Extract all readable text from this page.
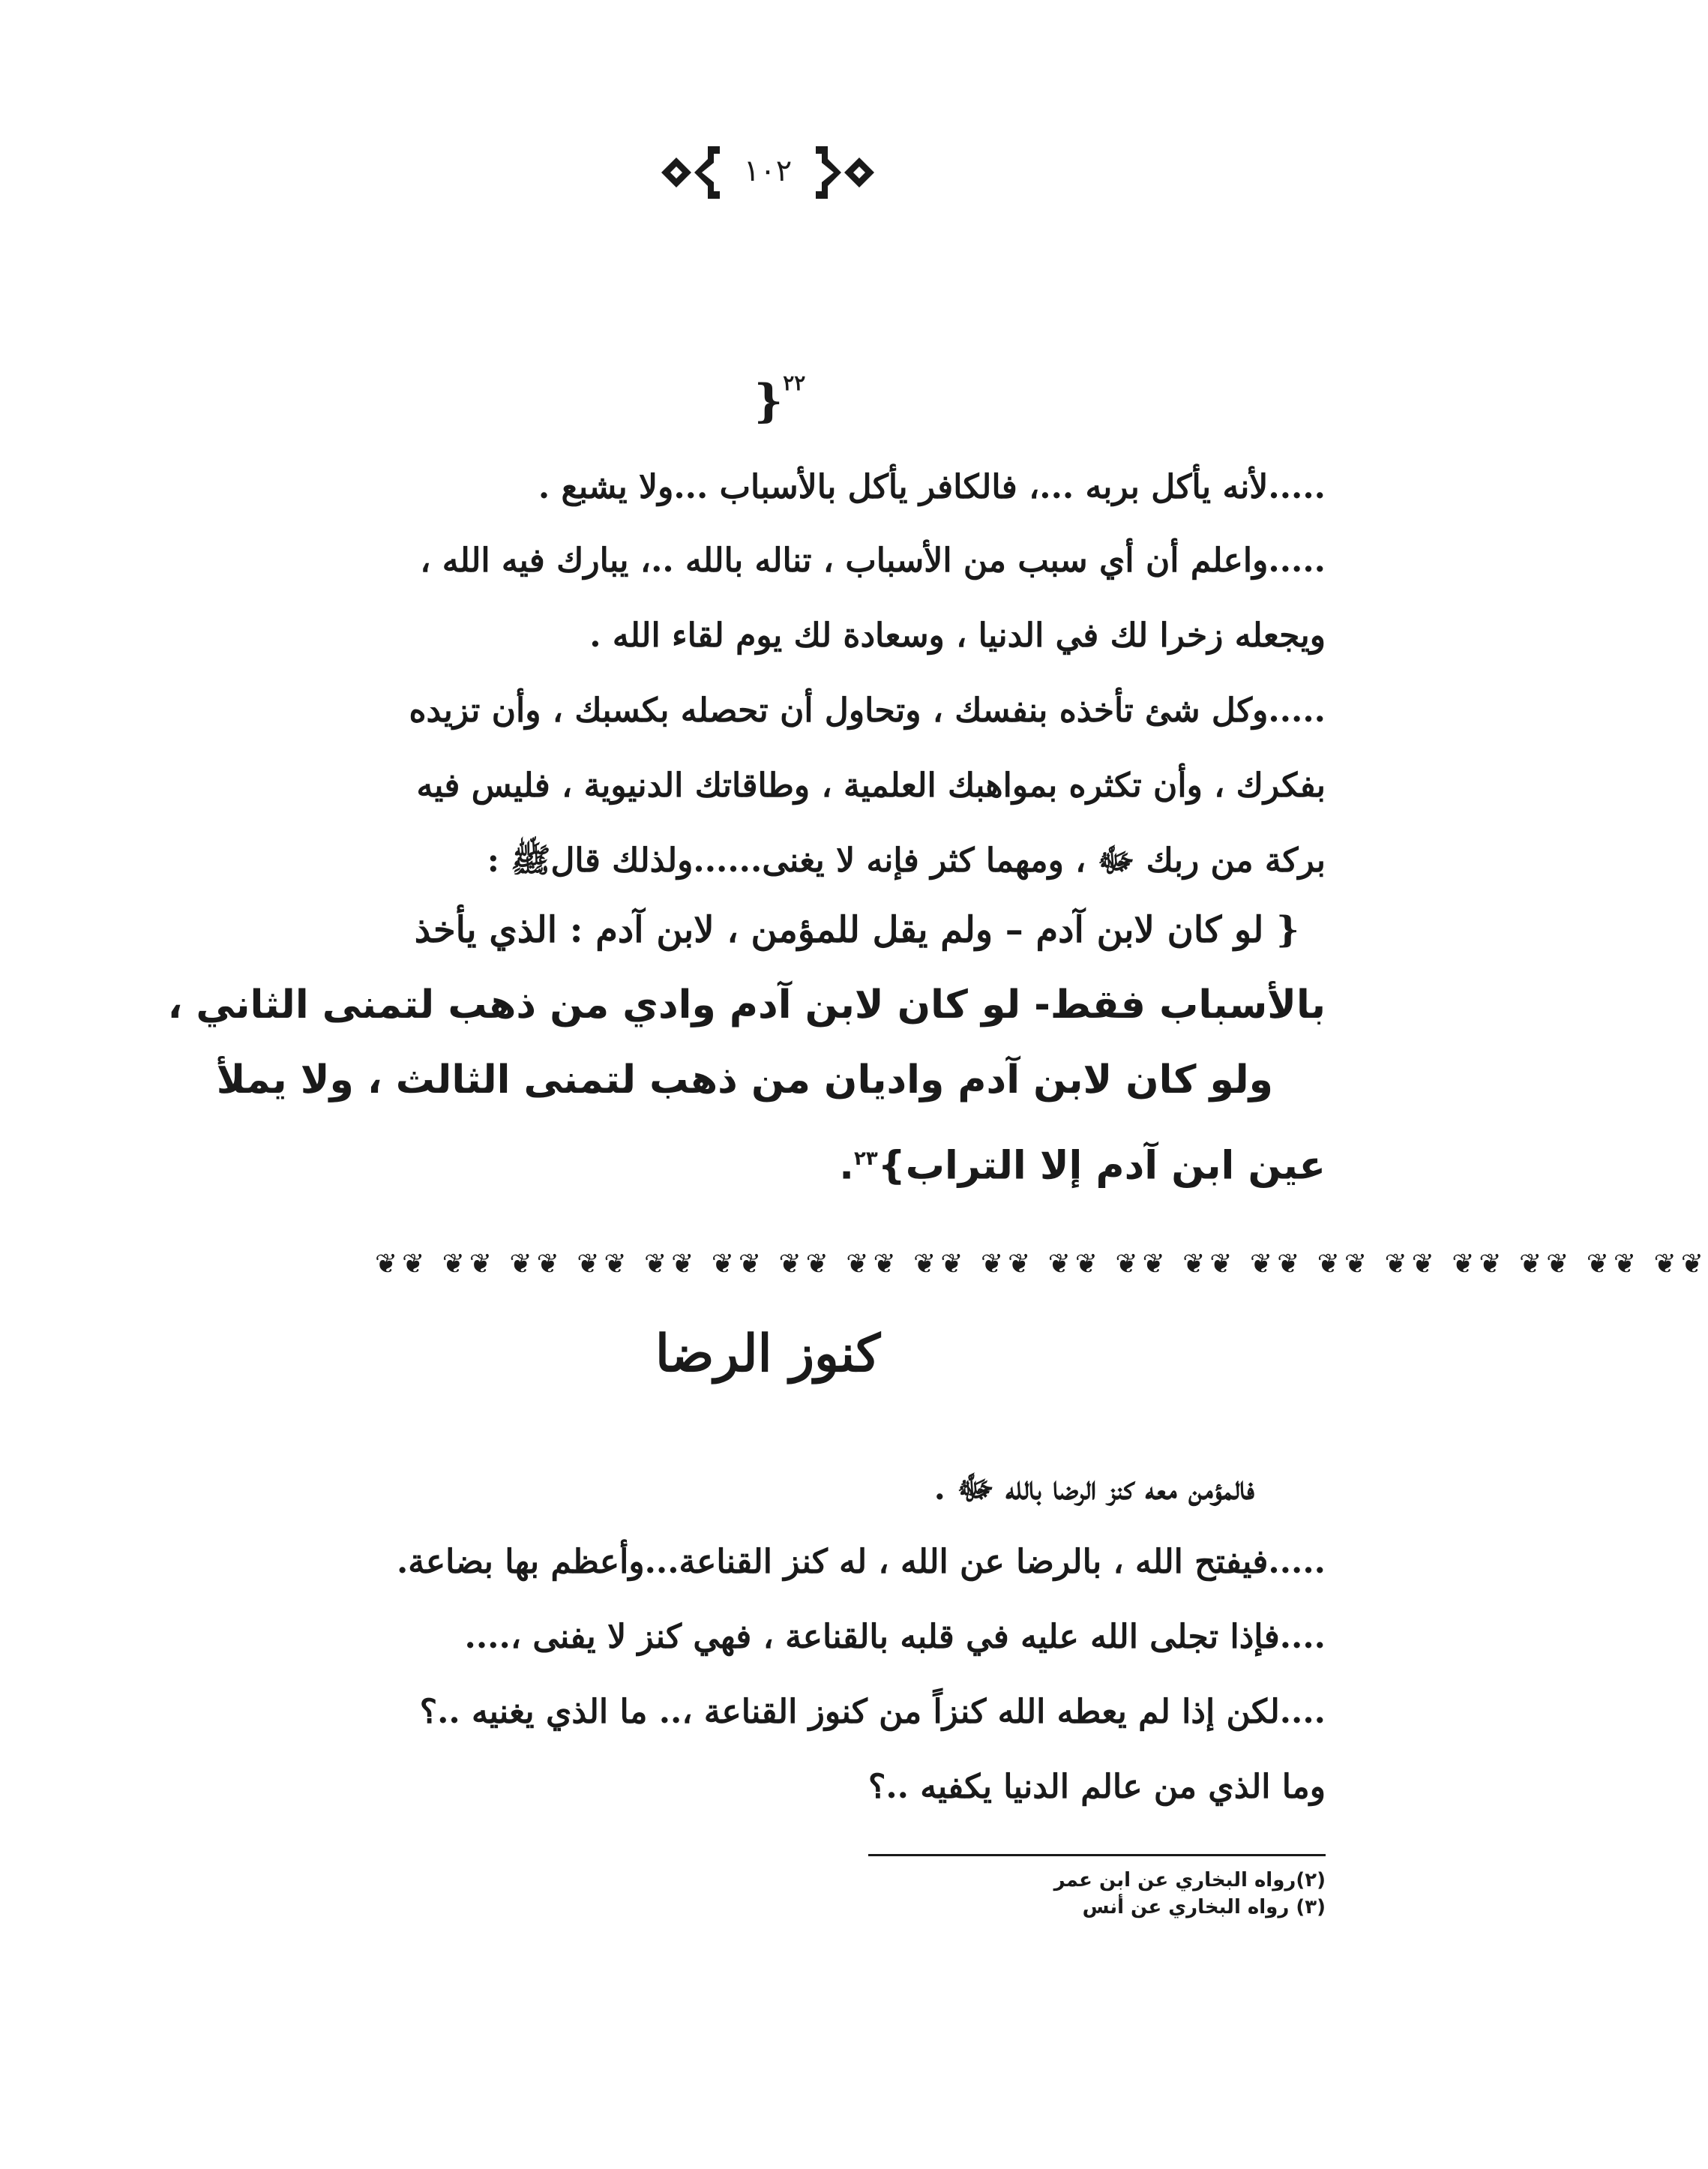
١٠٢
}$^{٢٢}$
.....لأنه يأكل بربه ...، فالكافر يأكل بالأسباب ...ولا يشبع .
.....واعلم أن أي سبب من الأسباب ، تناله بالله ..، يبارك فيه الله ،
ويجعله زخرا لك في الدنيا ، وسعادة لك يوم لقاء الله .
.....وكل شئ تأخذه بنفسك ، وتحاول أن تحصله بكسبك ، وأن تزيده
بفكرك ، وأن تكثره بمواهبك العلمية ، وطاقاتك الدنيوية ، فليس فيه
بركة من ربك ﷻ ، ومهما كثر فإنه لا يغنى......ولذلك قالﷺ :
{ لو كان لابن آدم – ولم يقل للمؤمن ، لابن آدم : الذي يأخذ
بالأسباب فقط- لو كان لابن آدم وادي من ذهب لتمنى الثاني ،
ولو كان لابن آدم واديان من ذهب لتمنى الثالث ، ولا يملأ
عين ابن آدم إلا التراب}$^{٢٣}$.
❦❦ ❦❦ ❦❦ ❦❦ ❦❦ ❦❦ ❦❦ ❦❦ ❦❦ ❦❦ ❦❦ ❦❦ ❦❦ ❦❦ ❦❦ ❦❦ ❦❦ ❦❦ ❦❦ ❦❦
كنوز الرضا
فالمؤمن معه كنز الرضا بالله ﷻ .
.....فيفتح الله ، بالرضا عن الله ، له كنز القناعة...وأعظم بها بضاعة.
....فإذا تجلى الله عليه في قلبه بالقناعة ، فهي كنز لا يفنى ،....
....لكن إذا لم يعطه الله كنزاً من كنوز القناعة ،.. ما الذي يغنيه ..؟
وما الذي من عالم الدنيا يكفيه ..؟
(٢)رواه البخاري عن ابن عمر
(٣) رواه البخاري عن أنس
